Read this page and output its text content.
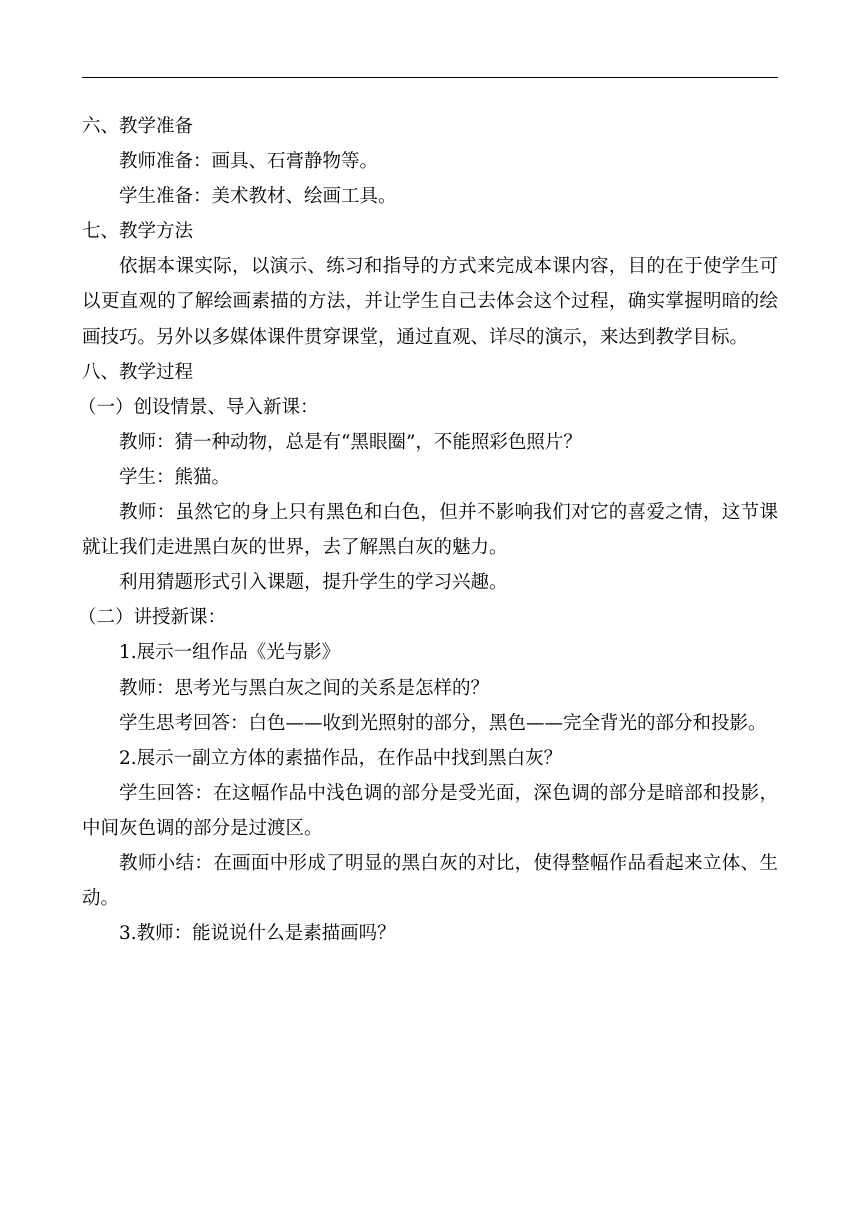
六、教学准备

教师准备：画具、石膏静物等。

学生准备：美术教材、绘画工具。

七、教学方法

依据本课实际，以演示、练习和指导的方式来完成本课内容，目的在于使学生可以更直观的了解绘画素描的方法，并让学生自己去体会这个过程，确实掌握明暗的绘画技巧。另外以多媒体课件贯穿课堂，通过直观、详尽的演示，来达到教学目标。

八、教学过程

（一）创设情景、导入新课：

教师：猜一种动物，总是有“黑眼圈”，不能照彩色照片？

学生：熊猫。

教师：虽然它的身上只有黑色和白色，但并不影响我们对它的喜爱之情，这节课就让我们走进黑白灰的世界，去了解黑白灰的魅力。

利用猜题形式引入课题，提升学生的学习兴趣。

（二）讲授新课：

1.展示一组作品《光与影》

教师：思考光与黑白灰之间的关系是怎样的？

学生思考回答：白色——收到光照射的部分，黑色——完全背光的部分和投影。

2.展示一副立方体的素描作品，在作品中找到黑白灰？

学生回答：在这幅作品中浅色调的部分是受光面，深色调的部分是暗部和投影，中间灰色调的部分是过渡区。

教师小结：在画面中形成了明显的黑白灰的对比，使得整幅作品看起来立体、生动。

3.教师：能说说什么是素描画吗？
